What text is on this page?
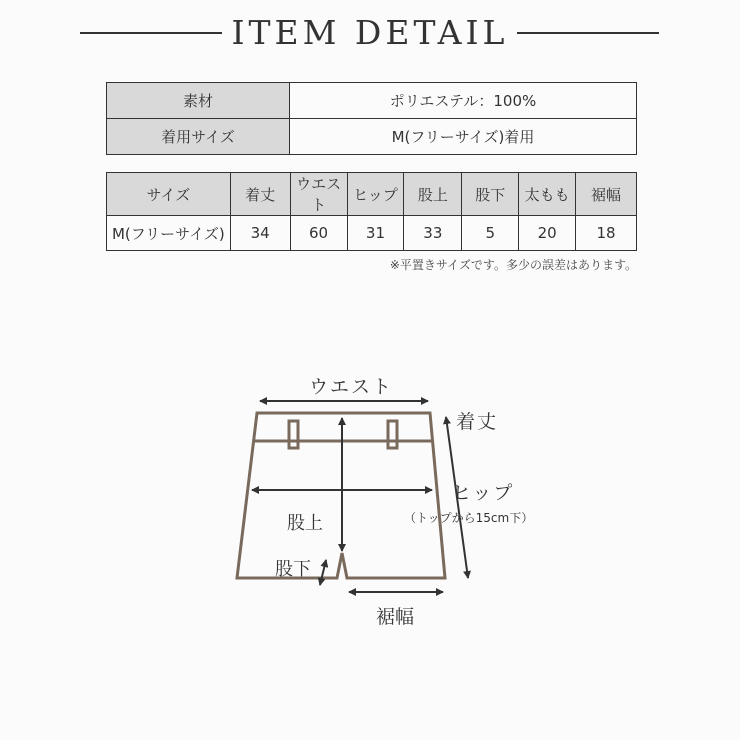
ITEM DETAIL
素材	ポリエステル：100%
着用サイズ	M(フリーサイズ)着用
サイズ	着丈	ウエスト	ヒップ	股上	股下	太もも	裾幅
M(フリーサイズ)	34	60	31	33	5	20	18
※平置きサイズです。多少の誤差はあります。
ウエスト
着丈
ヒップ
（トップから15cm下）
股上
股下
裾幅
